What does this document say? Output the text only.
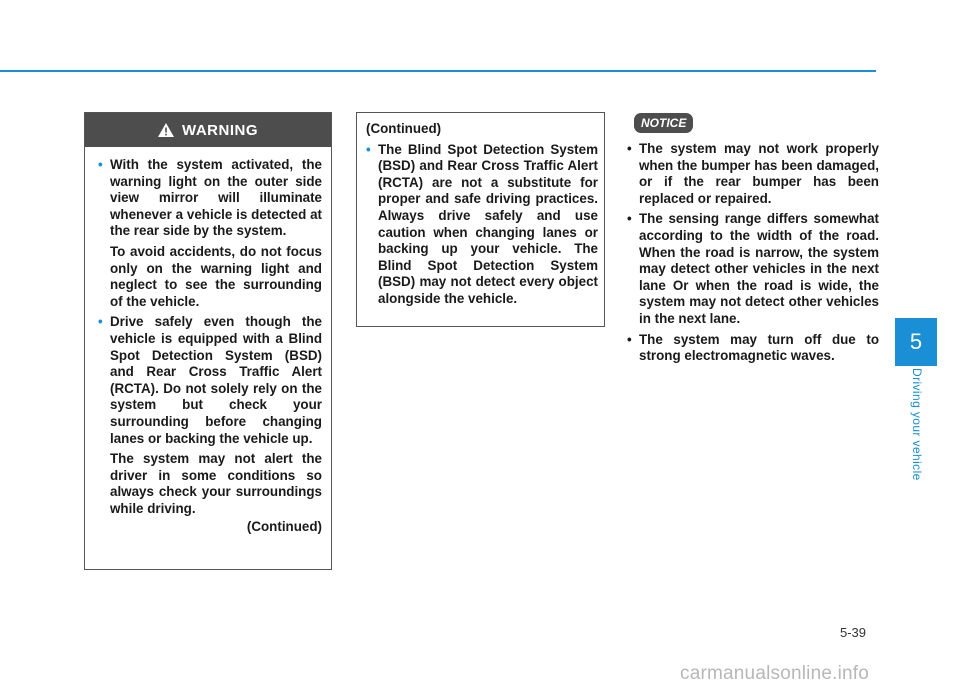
WARNING

• With the system activated, the warning light on the outer side view mirror will illuminate whenever a vehicle is detected at the rear side by the system.

To avoid accidents, do not focus only on the warning light and neglect to see the surrounding of the vehicle.

• Drive safely even though the vehicle is equipped with a Blind Spot Detection System (BSD) and Rear Cross Traffic Alert (RCTA). Do not solely rely on the system but check your surrounding before changing lanes or backing the vehicle up.

The system may not alert the driver in some conditions so always check your surroundings while driving.

(Continued)

(Continued)

• The Blind Spot Detection System (BSD) and Rear Cross Traffic Alert (RCTA) are not a substitute for proper and safe driving practices. Always drive safely and use caution when changing lanes or backing up your vehicle. The Blind Spot Detection System (BSD) may not detect every object alongside the vehicle.

NOTICE

• The system may not work properly when the bumper has been damaged, or if the rear bumper has been replaced or repaired.

• The sensing range differs somewhat according to the width of the road. When the road is narrow, the system may detect other vehicles in the next lane Or when the road is wide, the system may not detect other vehicles in the next lane.

• The system may turn off due to strong electromagnetic waves.

5
Driving your vehicle
5-39
carmanualsonline.info
